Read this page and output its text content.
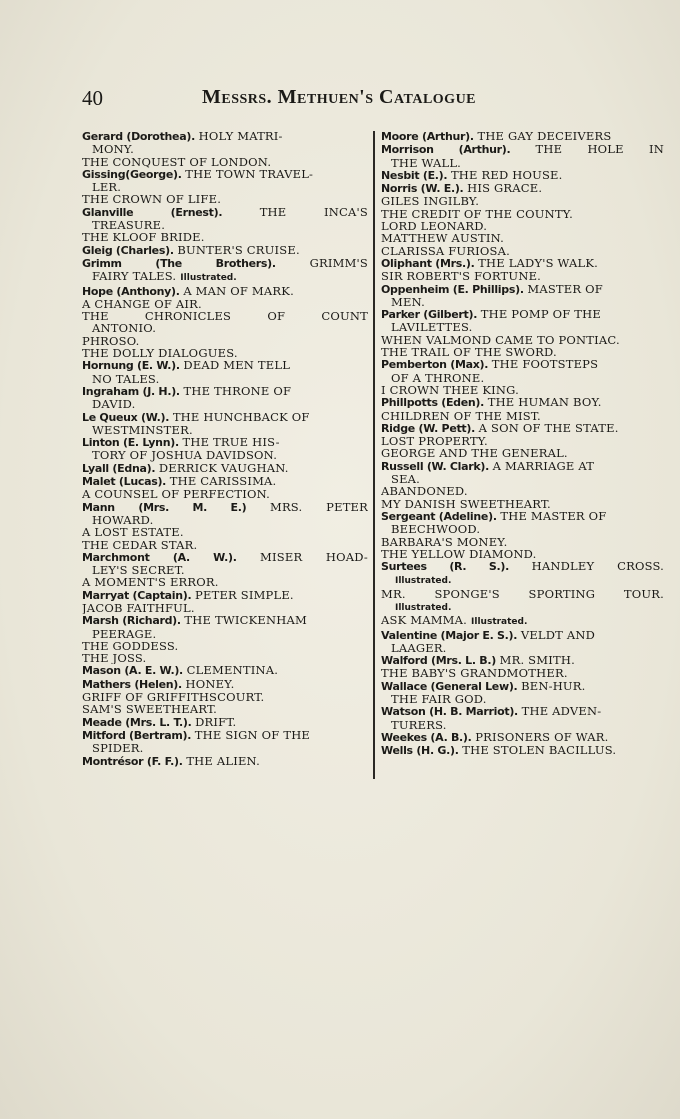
40	Messrs. Methuen's Catalogue
Gerard (Dorothea). HOLY MATRI-
MONY.
THE CONQUEST OF LONDON.
Gissing(George). THE TOWN TRAVEL-
LER.
THE CROWN OF LIFE.
Glanville (Ernest).	THE INCA'S
TREASURE.
THE KLOOF BRIDE.
Gleig (Charles). BUNTER'S CRUISE.
Grimm (The Brothers).	GRIMM'S
FAIRY TALES. Illustrated.
Hope (Anthony). A MAN OF MARK.
A CHANGE OF AIR.
THE CHRONICLES OF COUNT
ANTONIO.
PHROSO.
THE DOLLY DIALOGUES.
Hornung (E. W.). DEAD MEN TELL
NO TALES.
Ingraham (J. H.). THE THRONE OF
DAVID.
Le Queux (W.). THE HUNCHBACK OF
WESTMINSTER.
Linton (E. Lynn). THE TRUE HIS-
TORY OF JOSHUA DAVIDSON.
Lyall (Edna). DERRICK VAUGHAN.
Malet (Lucas). THE CARISSIMA.
A COUNSEL OF PERFECTION.
Mann (Mrs. M. E.) MRS. PETER
HOWARD.
A LOST ESTATE.
THE CEDAR STAR.
Marchmont (A. W.). MISER HOAD-
LEY'S SECRET.
A MOMENT'S ERROR.
Marryat (Captain). PETER SIMPLE.
JACOB FAITHFUL.
Marsh (Richard). THE TWICKENHAM
PEERAGE.
THE GODDESS.
THE JOSS.
Mason (A. E. W.). CLEMENTINA.
Mathers (Helen). HONEY.
GRIFF OF GRIFFITHSCOURT.
SAM'S SWEETHEART.
Meade (Mrs. L. T.). DRIFT.
Mitford (Bertram). THE SIGN OF THE
SPIDER.
Montrésor (F. F.). THE ALIEN.
Moore (Arthur). THE GAY DECEIVERS
Morrison (Arthur). THE HOLE IN
THE WALL.
Nesbit (E.). THE RED HOUSE.
Norris (W. E.). HIS GRACE.
GILES INGILBY.
THE CREDIT OF THE COUNTY.
LORD LEONARD.
MATTHEW AUSTIN.
CLARISSA FURIOSA.
Oliphant (Mrs.). THE LADY'S WALK.
SIR ROBERT'S FORTUNE.
Oppenheim (E. Phillips). MASTER OF
MEN.
Parker (Gilbert). THE POMP OF THE
LAVILETTES.
WHEN VALMOND CAME TO PONTIAC.
THE TRAIL OF THE SWORD.
Pemberton (Max). THE FOOTSTEPS
OF A THRONE.
I CROWN THEE KING.
Phillpotts (Eden). THE HUMAN BOY.
CHILDREN OF THE MIST.
Ridge (W. Pett). A SON OF THE STATE.
LOST PROPERTY.
GEORGE AND THE GENERAL.
Russell (W. Clark). A MARRIAGE AT
SEA.
ABANDONED.
MY DANISH SWEETHEART.
Sergeant (Adeline). THE MASTER OF
BEECHWOOD.
BARBARA'S MONEY.
THE YELLOW DIAMOND.
Surtees (R. S.). HANDLEY CROSS.
Illustrated.
MR. SPONGE'S SPORTING TOUR.
Illustrated.
ASK MAMMA. Illustrated.
Valentine (Major E. S.). VELDT AND
LAAGER.
Walford (Mrs. L. B.) MR. SMITH.
THE BABY'S GRANDMOTHER.
Wallace (General Lew). BEN-HUR.
THE FAIR GOD.
Watson (H. B. Marriot). THE ADVEN-
TURERS.
Weekes (A. B.). PRISONERS OF WAR.
Wells (H. G.). THE STOLEN BACILLUS.
